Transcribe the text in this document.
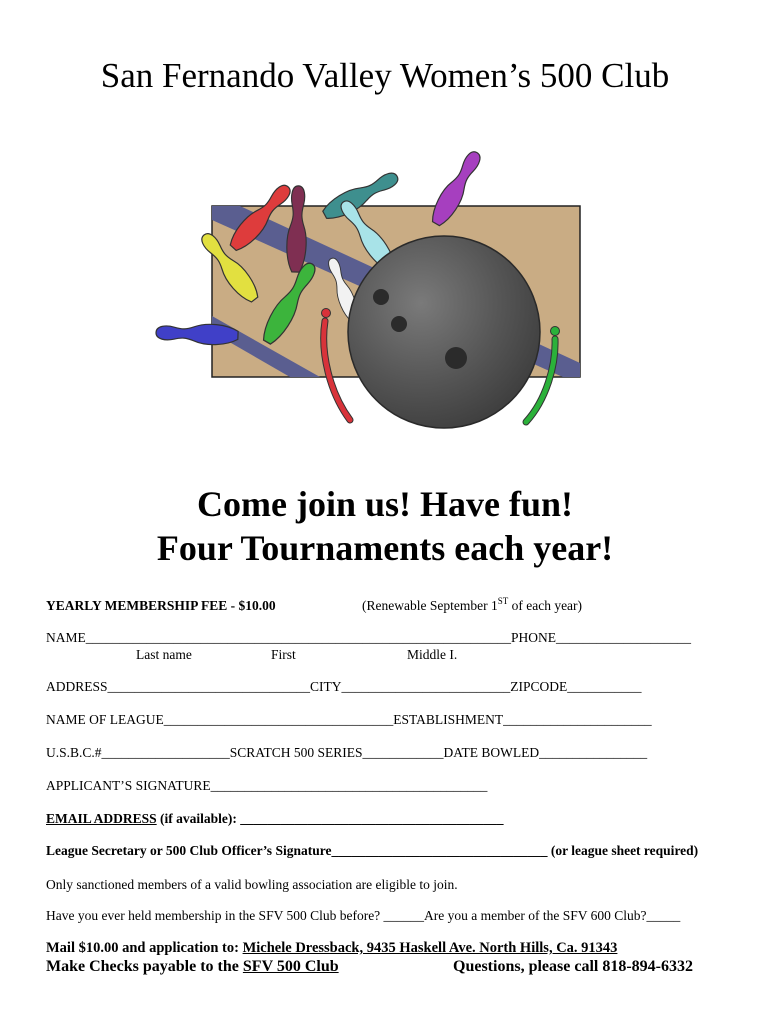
San Fernando Valley Women’s 500 Club
Come join us! Have fun!
Four Tournaments each year!
YEARLY MEMBERSHIP FEE - $10.00	(Renewable September 1ST of each year)
NAME_______________________________________________________________PHONE____________________
Last name	First	Middle I.
ADDRESS______________________________CITY_________________________ZIPCODE___________
NAME OF LEAGUE__________________________________ESTABLISHMENT______________________
U.S.B.C.#___________________SCRATCH 500 SERIES____________DATE BOWLED________________
APPLICANT’S SIGNATURE_________________________________________
EMAIL ADDRESS (if available): _______________________________________
League Secretary or 500 Club Officer’s Signature________________________________ (or league sheet required)
Only sanctioned members of a valid bowling association are eligible to join.
Have you ever held membership in the SFV 500 Club before? ______Are you a member of the SFV 600 Club?_____
Mail $10.00 and application to: Michele Dressback, 9435 Haskell Ave. North Hills, Ca. 91343
Make Checks payable to the SFV 500 Club	Questions, please call 818-894-6332
